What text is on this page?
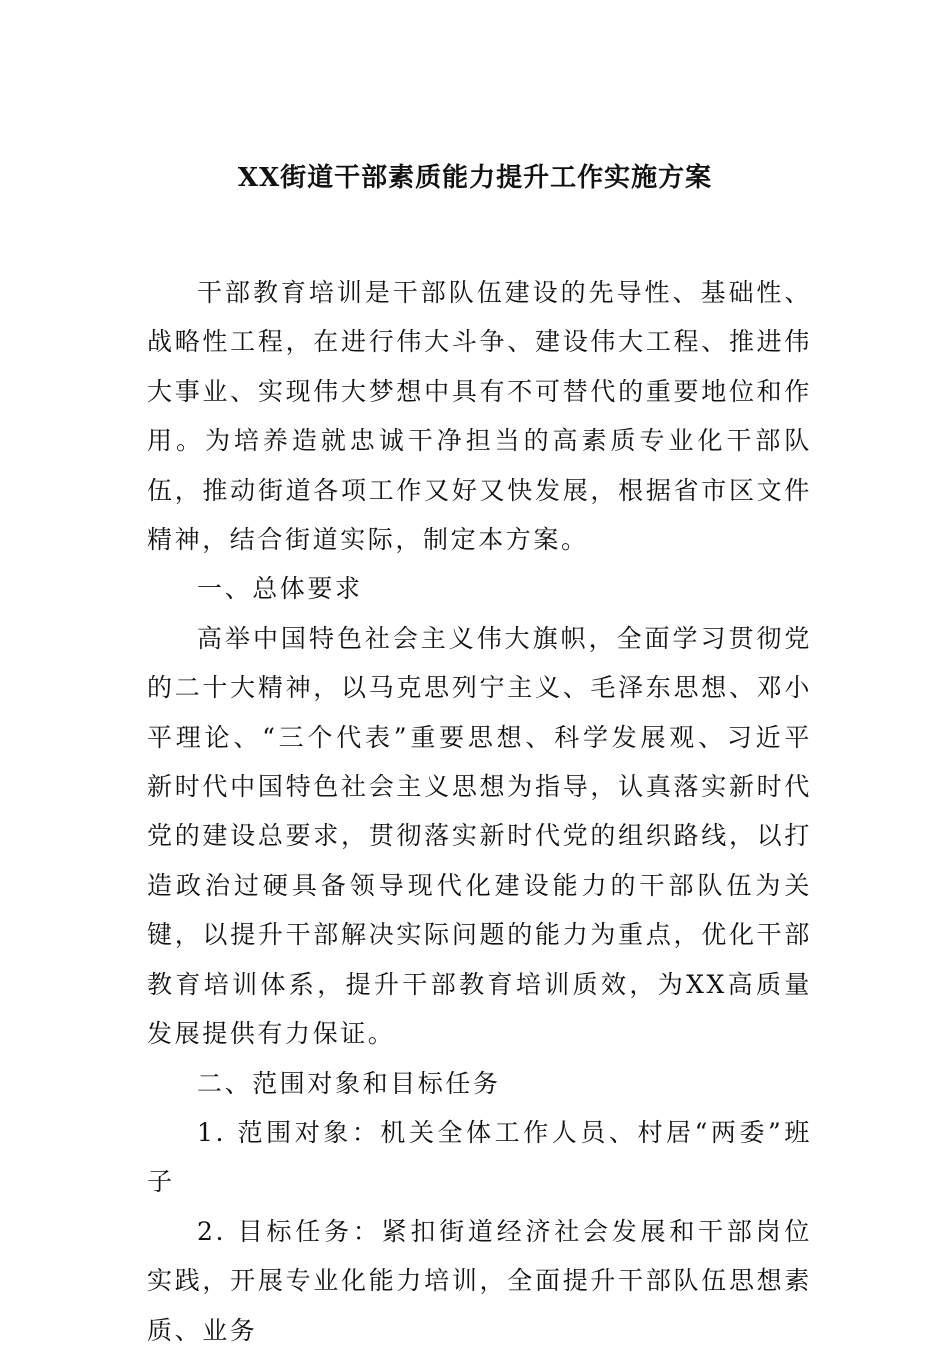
XX街道干部素质能力提升工作实施方案

干部教育培训是干部队伍建设的先导性、基础性、战略性工程，在进行伟大斗争、建设伟大工程、推进伟大事业、实现伟大梦想中具有不可替代的重要地位和作用。为培养造就忠诚干净担当的高素质专业化干部队伍，推动街道各项工作又好又快发展，根据省市区文件精神，结合街道实际，制定本方案。

一、总体要求

高举中国特色社会主义伟大旗帜，全面学习贯彻党的二十大精神，以马克思列宁主义、毛泽东思想、邓小平理论、“三个代表”重要思想、科学发展观、习近平新时代中国特色社会主义思想为指导，认真落实新时代党的建设总要求，贯彻落实新时代党的组织路线，以打造政治过硬具备领导现代化建设能力的干部队伍为关键，以提升干部解决实际问题的能力为重点，优化干部教育培训体系，提升干部教育培训质效，为XX高质量发展提供有力保证。

二、范围对象和目标任务

1. 范围对象：机关全体工作人员、村居“两委”班子

2. 目标任务：紧扣街道经济社会发展和干部岗位实践，开展专业化能力培训，全面提升干部队伍思想素质、业务
